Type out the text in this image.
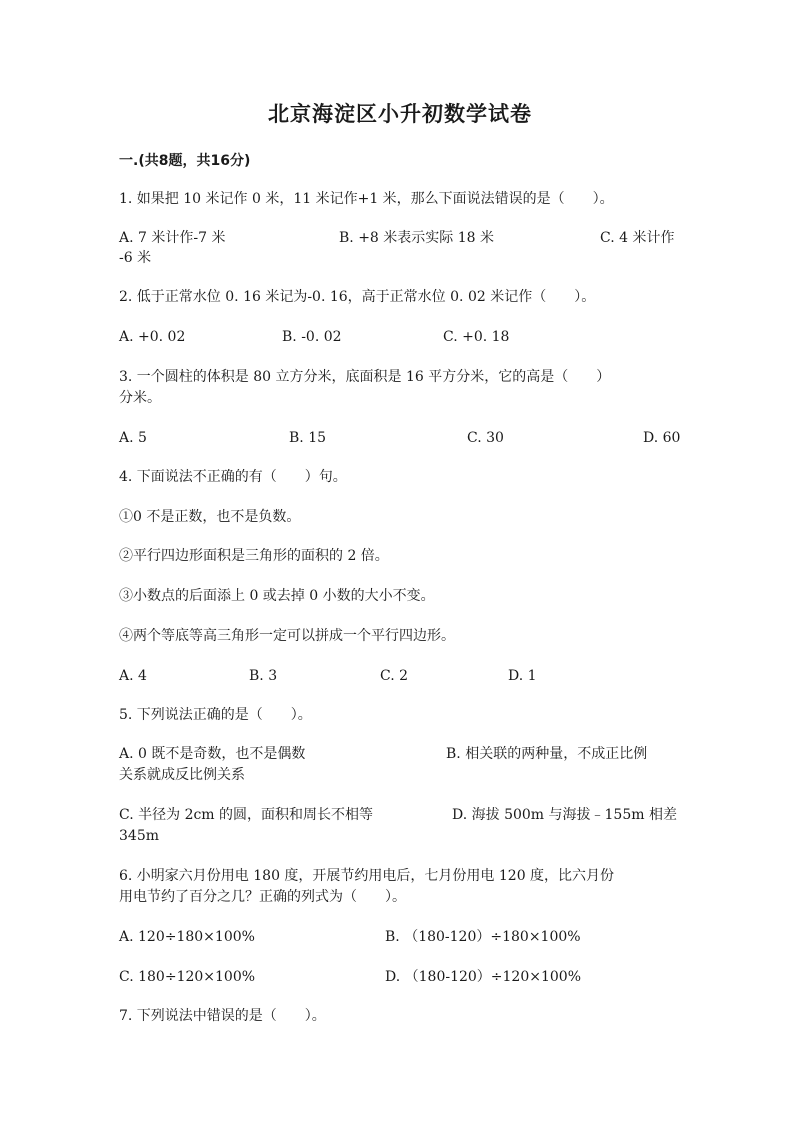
北京海淀区小升初数学试卷
一.(共8题，共16分)
1. 如果把 10 米记作 0 米，11 米记作+1 米，那么下面说法错误的是（　　）。
A. 7 米计作-7 米	B. +8 米表示实际 18 米	C. 4 米计作
-6 米
2. 低于正常水位 0. 16 米记为-0. 16，高于正常水位 0. 02 米记作（　　）。
A. +0. 02	B. -0. 02	C. +0. 18
3. 一个圆柱的体积是 80 立方分米，底面积是 16 平方分米，它的高是（　　）
分米。
A. 5	B. 15	C. 30	D. 60
4. 下面说法不正确的有（　　）句。
①0 不是正数，也不是负数。
②平行四边形面积是三角形的面积的 2 倍。
③小数点的后面添上 0 或去掉 0 小数的大小不变。
④两个等底等高三角形一定可以拼成一个平行四边形。
A. 4	B. 3	C. 2	D. 1
5. 下列说法正确的是（　　）。
A. 0 既不是奇数，也不是偶数	B. 相关联的两种量，不成正比例
关系就成反比例关系
C. 半径为 2cm 的圆，面积和周长不相等	D. 海拔 500m 与海拔﹣155m 相差
345m
6. 小明家六月份用电 180 度，开展节约用电后，七月份用电 120 度，比六月份
用电节约了百分之几？正确的列式为（　　）。
A. 120÷180×100%	B. （180-120）÷180×100%
C. 180÷120×100%	D. （180-120）÷120×100%
7. 下列说法中错误的是（　　）。
